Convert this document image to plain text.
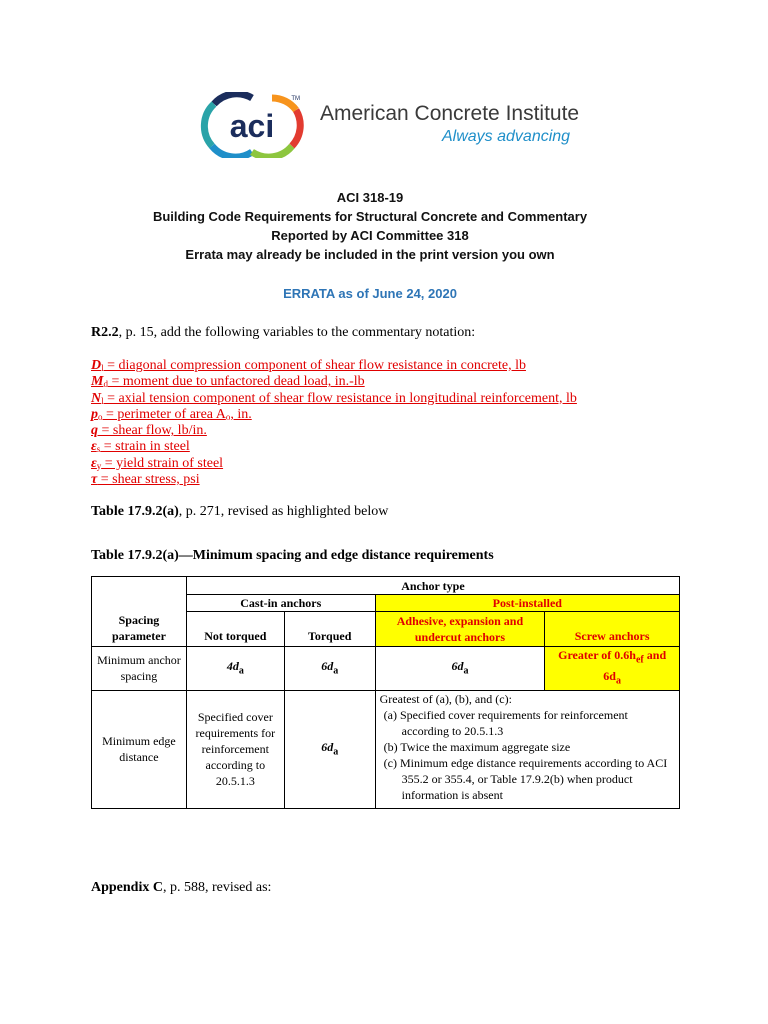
aci
TM
American Concrete Institute
Always advancing
ACI 318-19
Building Code Requirements for Structural Concrete and Commentary
Reported by ACI Committee 318
Errata may already be included in the print version you own
ERRATA as of June 24, 2020
R2.2, p. 15, add the following variables to the commentary notation:
$D_l$ = diagonal compression component of shear flow resistance in concrete, lb
$M_d$ = moment due to unfactored dead load, in.-lb
$N_l$ = axial tension component of shear flow resistance in longitudinal reinforcement, lb
$p_o$ = perimeter of area $A_o$, in.
q = shear flow, lb/in.
$\varepsilon_s$ = strain in steel
$\varepsilon_y$ = yield strain of steel
τ = shear stress, psi
Table 17.9.2(a), p. 271, revised as highlighted below
Table 17.9.2(a)—Minimum spacing and edge distance requirements
Spacing parameter	Anchor type			
	Cast-in anchors		Post-installed	
	Not torqued	Torqued	Adhesive, expansion and undercut anchors	Screw anchors
Minimum anchor spacing	$4d_a$	$6d_a$	$6d_a$	Greater of $0.6h_{ef}$ and $6d_a$
Minimum edge distance	Specified cover requirements for reinforcement according to 20.5.1.3	$6d_a$	Greatest of (a), (b), and (c):
(a) Specified cover requirements for reinforcement according to 20.5.1.3
(b) Twice the maximum aggregate size
(c) Minimum edge distance requirements according to ACI 355.2 or 355.4, or Table 17.9.2(b) when product information is absent	
Appendix C, p. 588, revised as:
